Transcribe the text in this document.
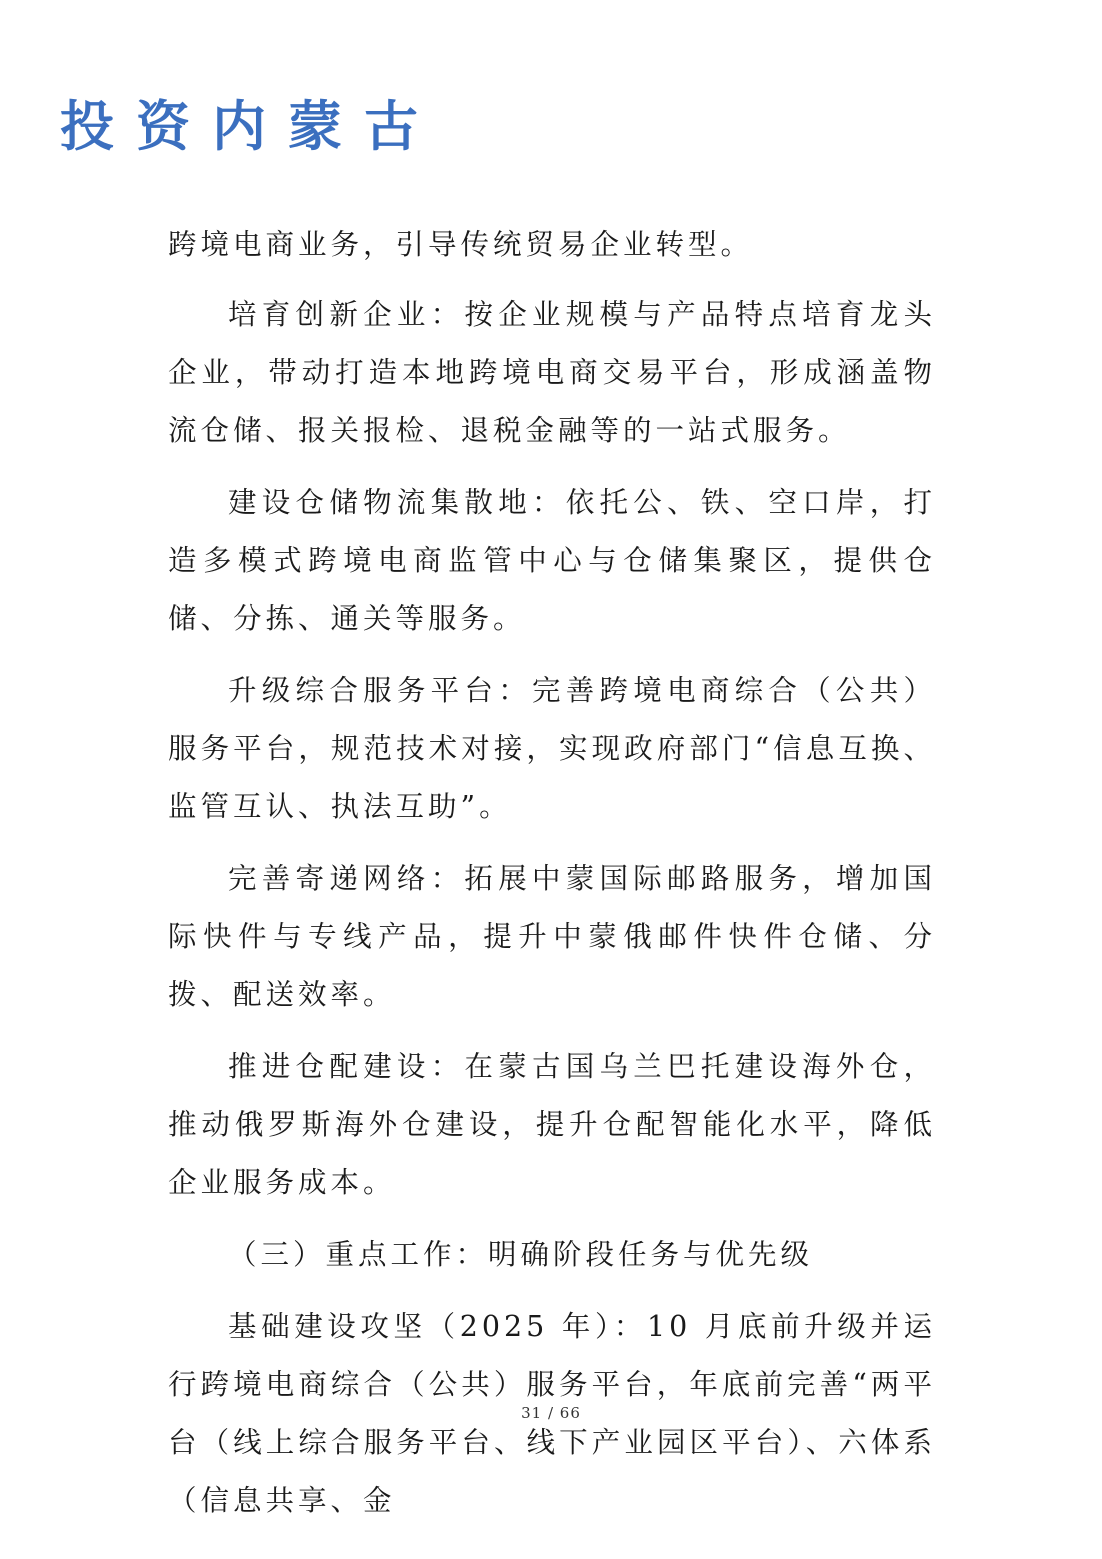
投资内蒙古

跨境电商业务，引导传统贸易企业转型。

培育创新企业：按企业规模与产品特点培育龙头企业，带动打造本地跨境电商交易平台，形成涵盖物流仓储、报关报检、退税金融等的一站式服务。

建设仓储物流集散地：依托公、铁、空口岸，打造多模式跨境电商监管中心与仓储集聚区，提供仓储、分拣、通关等服务。

升级综合服务平台：完善跨境电商综合（公共）服务平台，规范技术对接，实现政府部门“信息互换、监管互认、执法互助”。

完善寄递网络：拓展中蒙国际邮路服务，增加国际快件与专线产品，提升中蒙俄邮件快件仓储、分拨、配送效率。

推进仓配建设：在蒙古国乌兰巴托建设海外仓，推动俄罗斯海外仓建设，提升仓配智能化水平，降低企业服务成本。

（三）重点工作：明确阶段任务与优先级

基础建设攻坚（2025 年）：10 月底前升级并运行跨境电商综合（公共）服务平台，年底前完善“两平台（线上综合服务平台、线下产业园区平台）、六体系（信息共享、金

31 / 66
